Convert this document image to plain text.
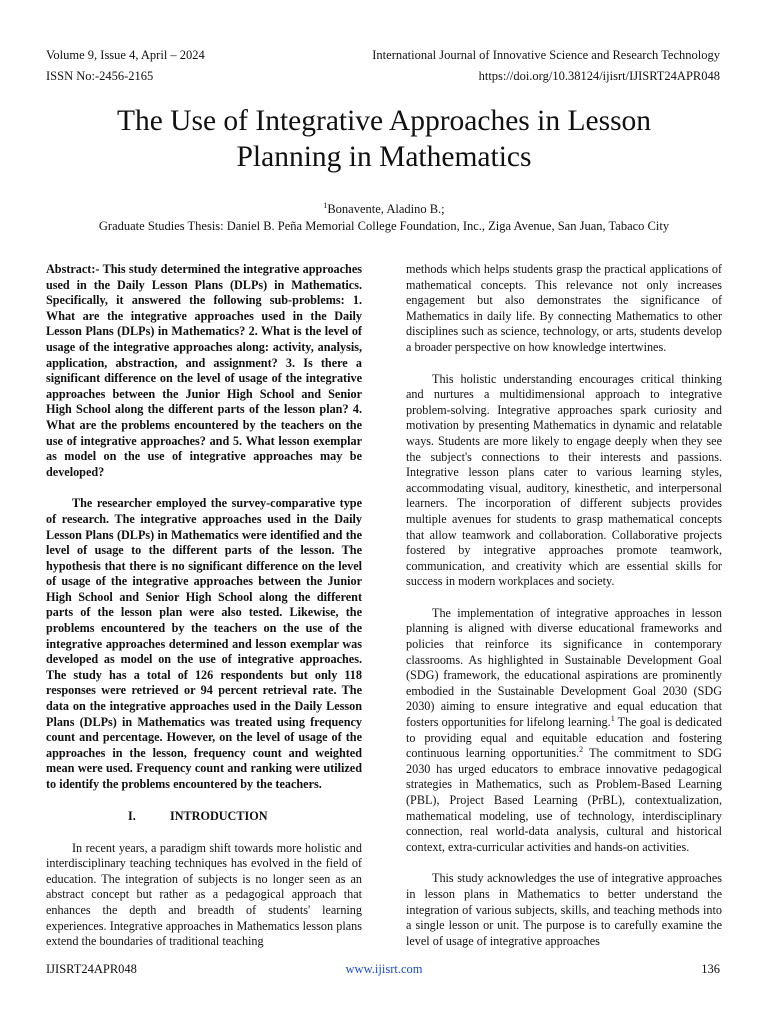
Volume 9, Issue 4, April – 2024
ISSN No:-2456-2165
International Journal of Innovative Science and Research Technology
https://doi.org/10.38124/ijisrt/IJISRT24APR048
The Use of Integrative Approaches in Lesson
Planning in Mathematics
$^1$Bonavente, Aladino B.;
Graduate Studies Thesis: Daniel B. Peña Memorial College Foundation, Inc., Ziga Avenue, San Juan, Tabaco City

Abstract:- This study determined the integrative approaches used in the Daily Lesson Plans (DLPs) in Mathematics. Specifically, it answered the following sub-problems: 1. What are the integrative approaches used in the Daily Lesson Plans (DLPs) in Mathematics? 2. What is the level of usage of the integrative approaches along: activity, analysis, application, abstraction, and assignment? 3. Is there a significant difference on the level of usage of the integrative approaches between the Junior High School and Senior High School along the different parts of the lesson plan? 4. What are the problems encountered by the teachers on the use of integrative approaches? and 5. What lesson exemplar as model on the use of integrative approaches may be developed?

The researcher employed the survey-comparative type of research. The integrative approaches used in the Daily Lesson Plans (DLPs) in Mathematics were identified and the level of usage to the different parts of the lesson. The hypothesis that there is no significant difference on the level of usage of the integrative approaches between the Junior High School and Senior High School along the different parts of the lesson plan were also tested. Likewise, the problems encountered by the teachers on the use of the integrative approaches determined and lesson exemplar was developed as model on the use of integrative approaches. The study has a total of 126 respondents but only 118 responses were retrieved or 94 percent retrieval rate. The data on the integrative approaches used in the Daily Lesson Plans (DLPs) in Mathematics was treated using frequency count and percentage. However, on the level of usage of the approaches in the lesson, frequency count and weighted mean were used. Frequency count and ranking were utilized to identify the problems encountered by the teachers.

I.	INTRODUCTION

In recent years, a paradigm shift towards more holistic and interdisciplinary teaching techniques has evolved in the field of education. The integration of subjects is no longer seen as an abstract concept but rather as a pedagogical approach that enhances the depth and breadth of students' learning experiences. Integrative approaches in Mathematics lesson plans extend the boundaries of traditional teaching

methods which helps students grasp the practical applications of mathematical concepts. This relevance not only increases engagement but also demonstrates the significance of Mathematics in daily life. By connecting Mathematics to other disciplines such as science, technology, or arts, students develop a broader perspective on how knowledge intertwines.

This holistic understanding encourages critical thinking and nurtures a multidimensional approach to integrative problem-solving. Integrative approaches spark curiosity and motivation by presenting Mathematics in dynamic and relatable ways. Students are more likely to engage deeply when they see the subject's connections to their interests and passions. Integrative lesson plans cater to various learning styles, accommodating visual, auditory, kinesthetic, and interpersonal learners. The incorporation of different subjects provides multiple avenues for students to grasp mathematical concepts that allow teamwork and collaboration. Collaborative projects fostered by integrative approaches promote teamwork, communication, and creativity which are essential skills for success in modern workplaces and society.

The implementation of integrative approaches in lesson planning is aligned with diverse educational frameworks and policies that reinforce its significance in contemporary classrooms. As highlighted in Sustainable Development Goal (SDG) framework, the educational aspirations are prominently embodied in the Sustainable Development Goal 2030 (SDG 2030) aiming to ensure integrative and equal education that fosters opportunities for lifelong learning.$^1$ The goal is dedicated to providing equal and equitable education and fostering continuous learning opportunities.$^2$ The commitment to SDG 2030 has urged educators to embrace innovative pedagogical strategies in Mathematics, such as Problem-Based Learning (PBL), Project Based Learning (PrBL), contextualization, mathematical modeling, use of technology, interdisciplinary connection, real world-data analysis, cultural and historical context, extra-curricular activities and hands-on activities.

This study acknowledges the use of integrative approaches in lesson plans in Mathematics to better understand the integration of various subjects, skills, and teaching methods into a single lesson or unit. The purpose is to carefully examine the level of usage of integrative approaches

IJISRT24APR048	www.ijisrt.com	136
